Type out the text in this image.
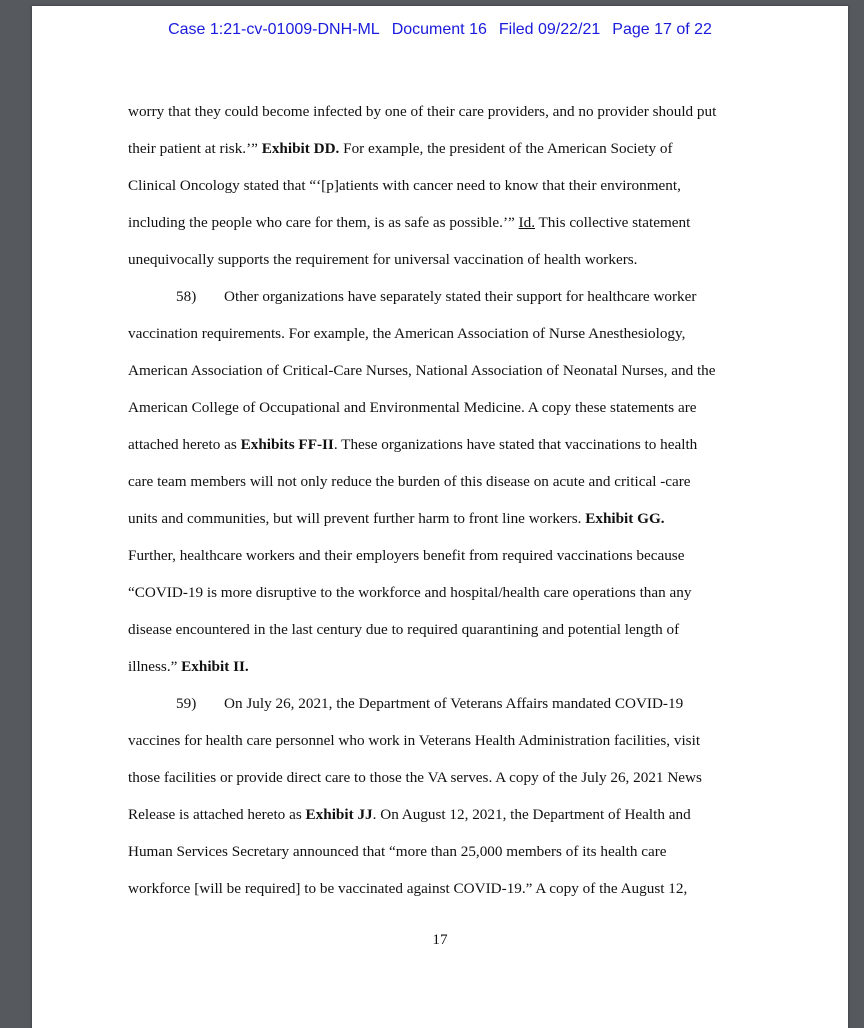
Case 1:21-cv-01009-DNH-ML Document 16 Filed 09/22/21 Page 17 of 22
worry that they could become infected by one of their care providers, and no provider should put
their patient at risk.’” Exhibit DD. For example, the president of the American Society of
Clinical Oncology stated that “‘[p]atients with cancer need to know that their environment,
including the people who care for them, is as safe as possible.’” Id. This collective statement
unequivocally supports the requirement for universal vaccination of health workers.
58) Other organizations have separately stated their support for healthcare worker
vaccination requirements. For example, the American Association of Nurse Anesthesiology,
American Association of Critical-Care Nurses, National Association of Neonatal Nurses, and the
American College of Occupational and Environmental Medicine. A copy these statements are
attached hereto as Exhibits FF-II. These organizations have stated that vaccinations to health
care team members will not only reduce the burden of this disease on acute and critical -care
units and communities, but will prevent further harm to front line workers. Exhibit GG.
Further, healthcare workers and their employers benefit from required vaccinations because
“COVID-19 is more disruptive to the workforce and hospital/health care operations than any
disease encountered in the last century due to required quarantining and potential length of
illness.” Exhibit II.
59) On July 26, 2021, the Department of Veterans Affairs mandated COVID-19
vaccines for health care personnel who work in Veterans Health Administration facilities, visit
those facilities or provide direct care to those the VA serves. A copy of the July 26, 2021 News
Release is attached hereto as Exhibit JJ. On August 12, 2021, the Department of Health and
Human Services Secretary announced that “more than 25,000 members of its health care
workforce [will be required] to be vaccinated against COVID-19.” A copy of the August 12,
17
